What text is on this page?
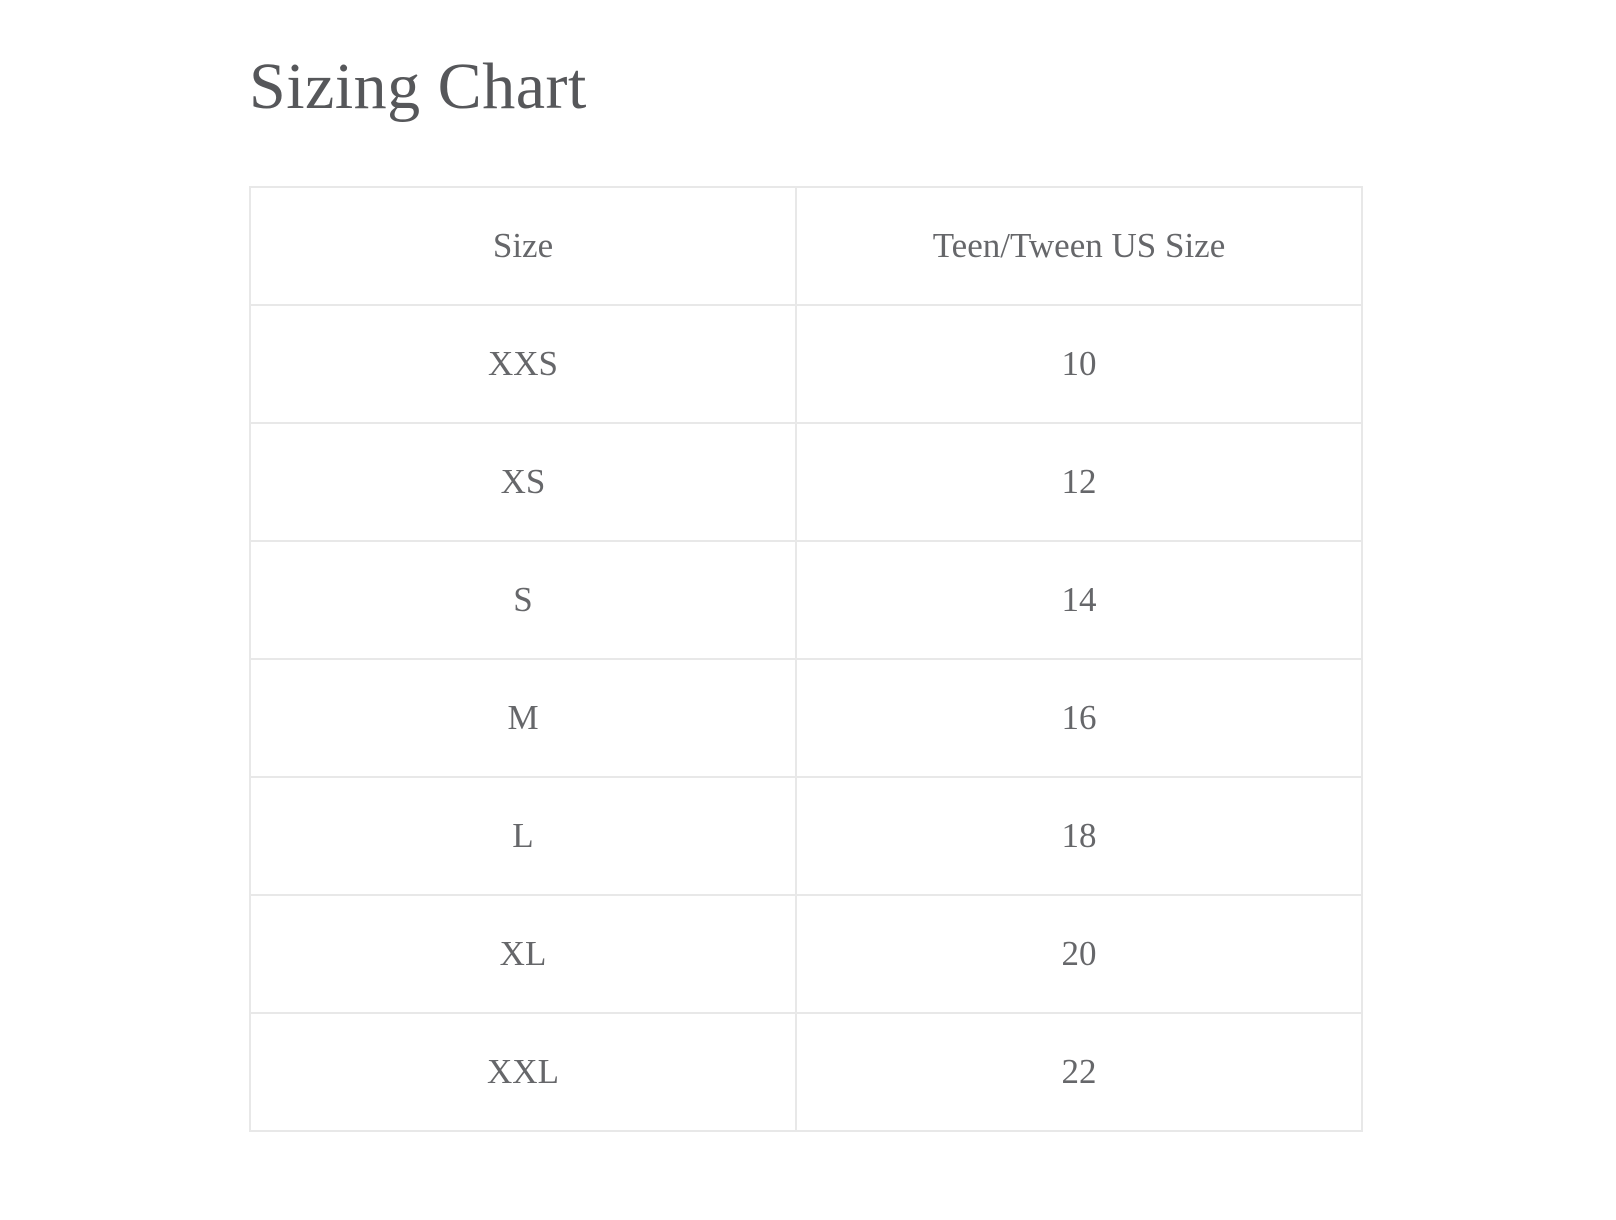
Sizing Chart
Size	Teen/Tween US Size
XXS	10
XS	12
S	14
M	16
L	18
XL	20
XXL	22
